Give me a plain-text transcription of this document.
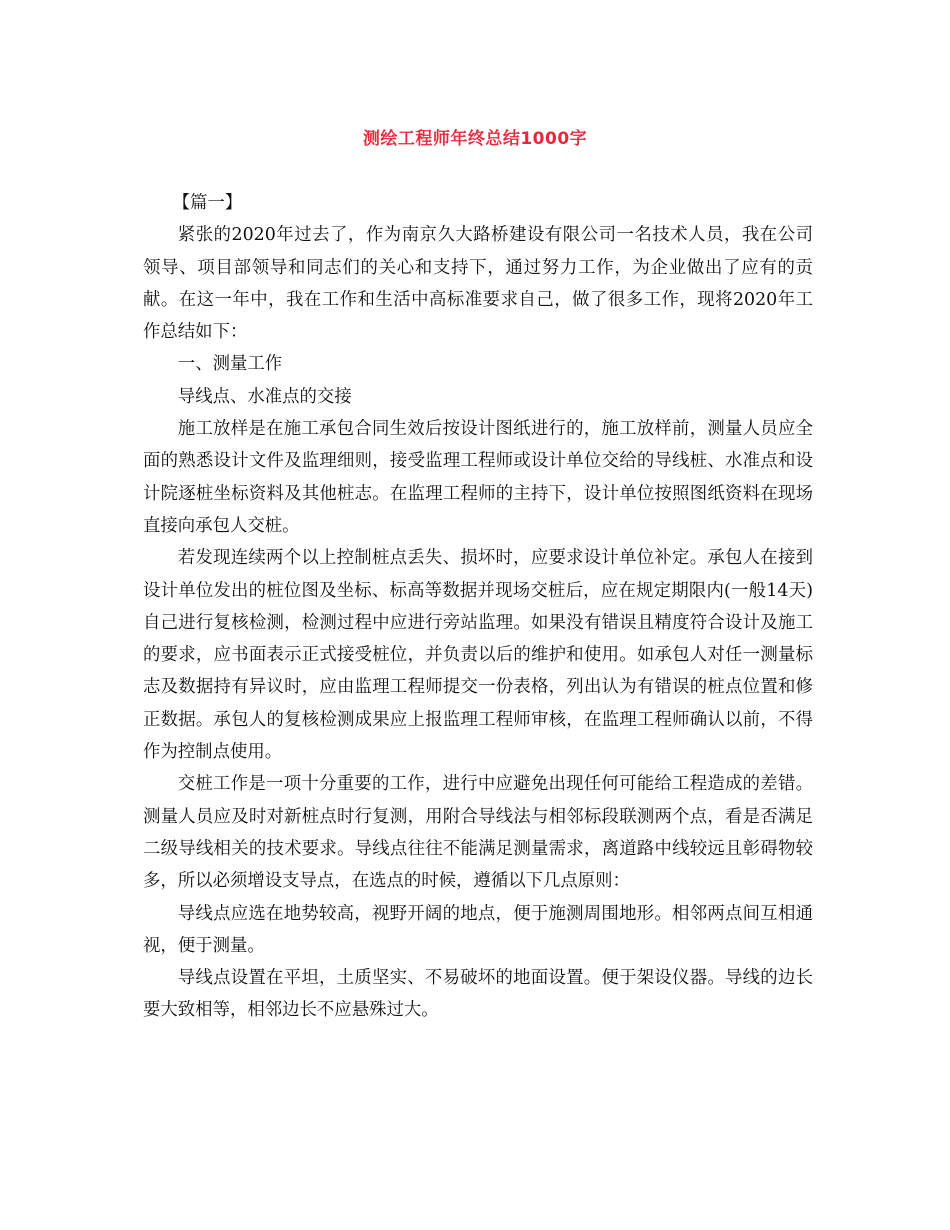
测绘工程师年终总结1000字

【篇一】

紧张的2020年过去了，作为南京久大路桥建设有限公司一名技术人员，我在公司领导、项目部领导和同志们的关心和支持下，通过努力工作，为企业做出了应有的贡献。在这一年中，我在工作和生活中高标准要求自己，做了很多工作，现将2020年工作总结如下：

一、测量工作

导线点、水准点的交接

施工放样是在施工承包合同生效后按设计图纸进行的，施工放样前，测量人员应全面的熟悉设计文件及监理细则，接受监理工程师或设计单位交给的导线桩、水准点和设计院逐桩坐标资料及其他桩志。在监理工程师的主持下，设计单位按照图纸资料在现场直接向承包人交桩。

若发现连续两个以上控制桩点丢失、损坏时，应要求设计单位补定。承包人在接到设计单位发出的桩位图及坐标、标高等数据并现场交桩后，应在规定期限内(一般14天)自己进行复核检测，检测过程中应进行旁站监理。如果没有错误且精度符合设计及施工的要求，应书面表示正式接受桩位，并负责以后的维护和使用。如承包人对任一测量标志及数据持有异议时，应由监理工程师提交一份表格，列出认为有错误的桩点位置和修正数据。承包人的复核检测成果应上报监理工程师审核，在监理工程师确认以前，不得作为控制点使用。

交桩工作是一项十分重要的工作，进行中应避免出现任何可能给工程造成的差错。测量人员应及时对新桩点时行复测，用附合导线法与相邻标段联测两个点，看是否满足二级导线相关的技术要求。导线点往往不能满足测量需求，离道路中线较远且彰碍物较多，所以必须增设支导点，在选点的时候，遵循以下几点原则：

导线点应选在地势较高，视野开阔的地点，便于施测周围地形。相邻两点间互相通视，便于测量。

导线点设置在平坦，土质坚实、不易破坏的地面设置。便于架设仪器。导线的边长要大致相等，相邻边长不应悬殊过大。
